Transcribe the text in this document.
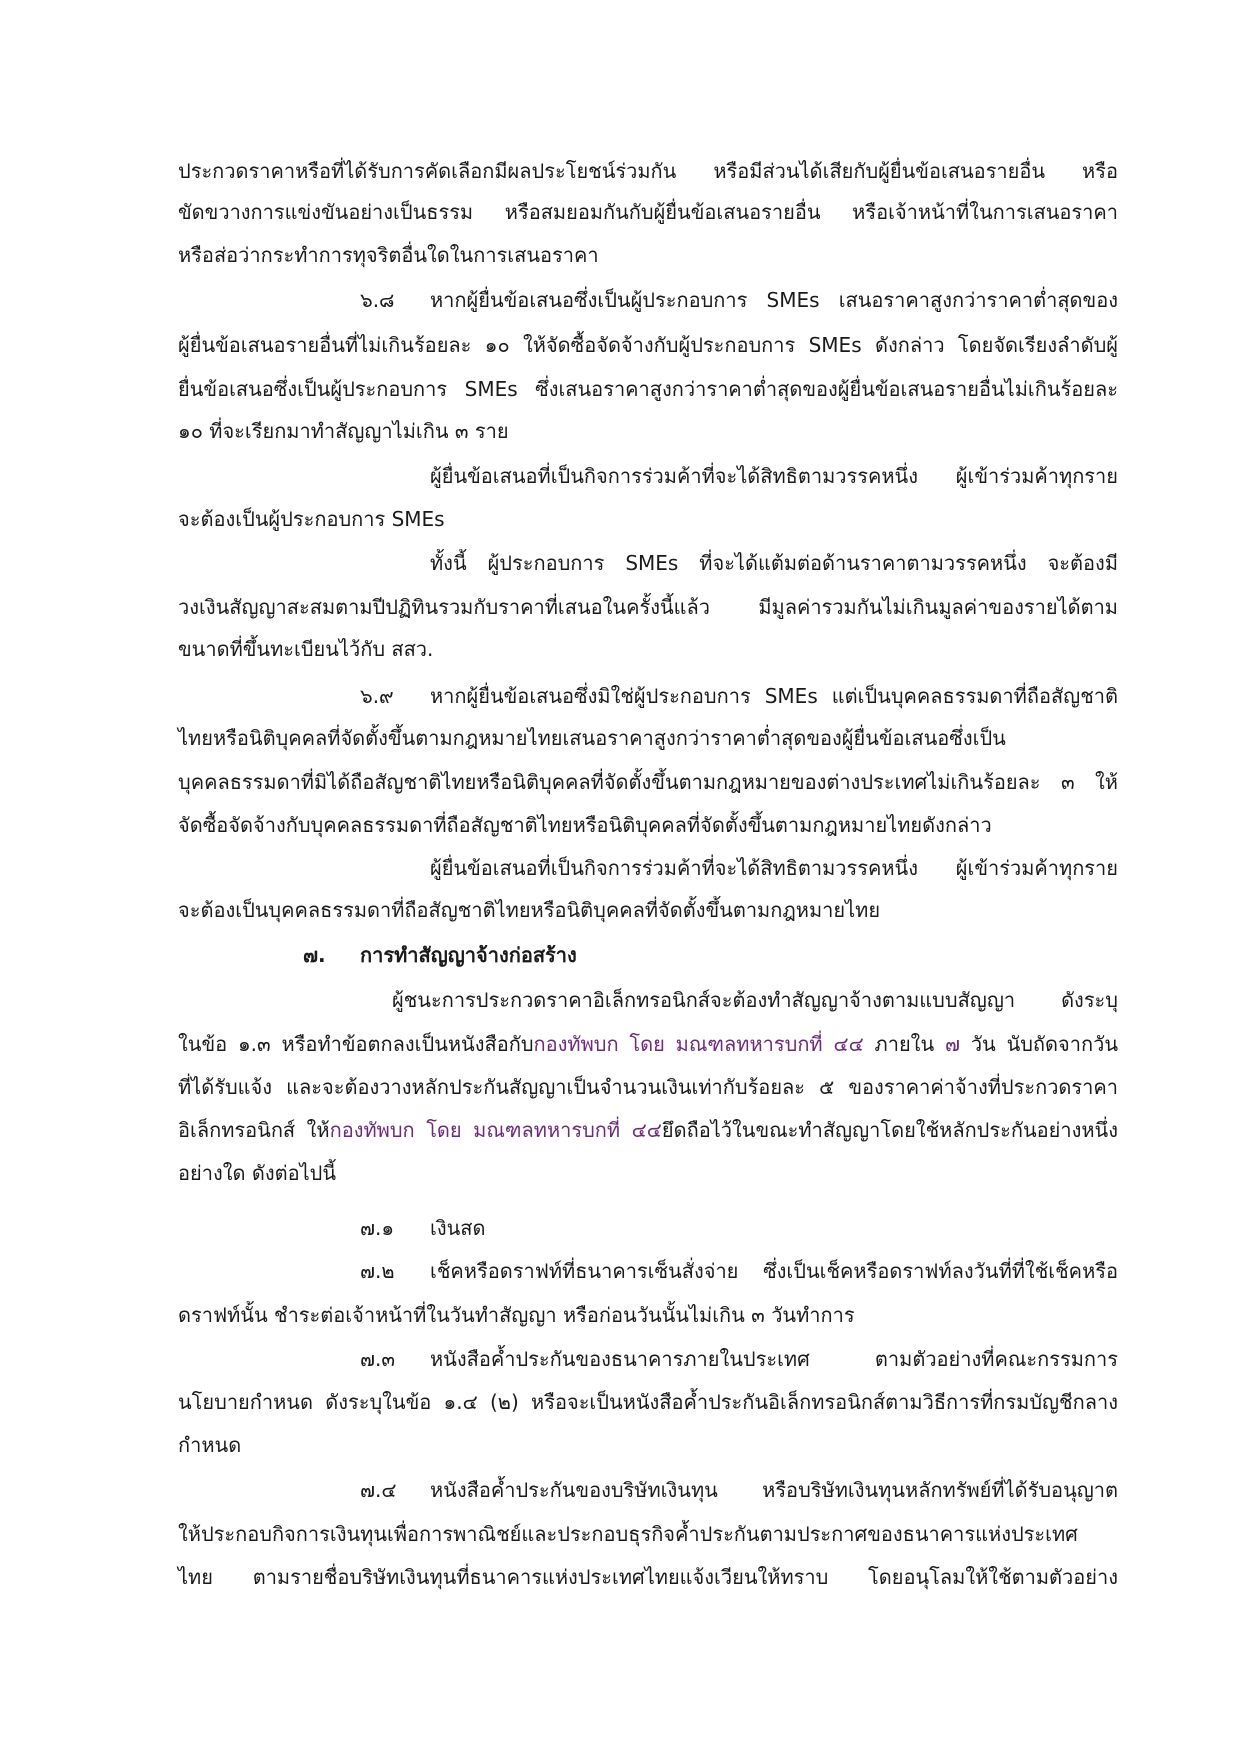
ประกวดราคาหรือที่ได้รับการคัดเลือกมีผลประโยชน์ร่วมกัน หรือมีส่วนได้เสียกับผู้ยื่นข้อเสนอรายอื่น หรือ
ขัดขวางการแข่งขันอย่างเป็นธรรม หรือสมยอมกันกับผู้ยื่นข้อเสนอรายอื่น หรือเจ้าหน้าที่ในการเสนอราคา
หรือส่อว่ากระทำการทุจริตอื่นใดในการเสนอราคา
๖.๘ หากผู้ยื่นข้อเสนอซึ่งเป็นผู้ประกอบการ SMEs เสนอราคาสูงกว่าราคาต่ำสุดของ
ผู้ยื่นข้อเสนอรายอื่นที่ไม่เกินร้อยละ ๑๐ ให้จัดซื้อจัดจ้างกับผู้ประกอบการ SMEs ดังกล่าว โดยจัดเรียงลำดับผู้
ยื่นข้อเสนอซึ่งเป็นผู้ประกอบการ SMEs ซึ่งเสนอราคาสูงกว่าราคาต่ำสุดของผู้ยื่นข้อเสนอรายอื่นไม่เกินร้อยละ
๑๐ ที่จะเรียกมาทำสัญญาไม่เกิน ๓ ราย
ผู้ยื่นข้อเสนอที่เป็นกิจการร่วมค้าที่จะได้สิทธิตามวรรคหนึ่ง ผู้เข้าร่วมค้าทุกราย
จะต้องเป็นผู้ประกอบการ SMEs
ทั้งนี้ ผู้ประกอบการ SMEs ที่จะได้แต้มต่อด้านราคาตามวรรคหนึ่ง จะต้องมี
วงเงินสัญญาสะสมตามปีปฏิทินรวมกับราคาที่เสนอในครั้งนี้แล้ว มีมูลค่ารวมกันไม่เกินมูลค่าของรายได้ตาม
ขนาดที่ขึ้นทะเบียนไว้กับ สสว.
๖.๙ หากผู้ยื่นข้อเสนอซึ่งมิใช่ผู้ประกอบการ SMEs แต่เป็นบุคคลธรรมดาที่ถือสัญชาติ
ไทยหรือนิติบุคคลที่จัดตั้งขึ้นตามกฎหมายไทยเสนอราคาสูงกว่าราคาต่ำสุดของผู้ยื่นข้อเสนอซึ่งเป็น
บุคคลธรรมดาที่มิได้ถือสัญชาติไทยหรือนิติบุคคลที่จัดตั้งขึ้นตามกฎหมายของต่างประเทศไม่เกินร้อยละ ๓ ให้
จัดซื้อจัดจ้างกับบุคคลธรรมดาที่ถือสัญชาติไทยหรือนิติบุคคลที่จัดตั้งขึ้นตามกฎหมายไทยดังกล่าว
ผู้ยื่นข้อเสนอที่เป็นกิจการร่วมค้าที่จะได้สิทธิตามวรรคหนึ่ง ผู้เข้าร่วมค้าทุกราย
จะต้องเป็นบุคคลธรรมดาที่ถือสัญชาติไทยหรือนิติบุคคลที่จัดตั้งขึ้นตามกฎหมายไทย
๗. การทำสัญญาจ้างก่อสร้าง
ผู้ชนะการประกวดราคาอิเล็กทรอนิกส์จะต้องทำสัญญาจ้างตามแบบสัญญา ดังระบุ
ในข้อ ๑.๓ หรือทำข้อตกลงเป็นหนังสือกับกองทัพบก โดย มณฑลทหารบกที่ ๔๔ ภายใน ๗ วัน นับถัดจากวัน
ที่ได้รับแจ้ง และจะต้องวางหลักประกันสัญญาเป็นจำนวนเงินเท่ากับร้อยละ ๕ ของราคาค่าจ้างที่ประกวดราคา
อิเล็กทรอนิกส์ ให้กองทัพบก โดย มณฑลทหารบกที่ ๔๔ยึดถือไว้ในขณะทำสัญญาโดยใช้หลักประกันอย่างหนึ่ง
อย่างใด ดังต่อไปนี้
๗.๑ เงินสด
๗.๒ เช็คหรือดราฟท์ที่ธนาคารเซ็นสั่งจ่าย ซึ่งเป็นเช็คหรือดราฟท์ลงวันที่ที่ใช้เช็คหรือ
ดราฟท์นั้น ชำระต่อเจ้าหน้าที่ในวันทำสัญญา หรือก่อนวันนั้นไม่เกิน ๓ วันทำการ
๗.๓ หนังสือค้ำประกันของธนาคารภายในประเทศ ตามตัวอย่างที่คณะกรรมการ
นโยบายกำหนด ดังระบุในข้อ ๑.๔ (๒) หรือจะเป็นหนังสือค้ำประกันอิเล็กทรอนิกส์ตามวิธีการที่กรมบัญชีกลาง
กำหนด
๗.๔ หนังสือค้ำประกันของบริษัทเงินทุน หรือบริษัทเงินทุนหลักทรัพย์ที่ได้รับอนุญาต
ให้ประกอบกิจการเงินทุนเพื่อการพาณิชย์และประกอบธุรกิจค้ำประกันตามประกาศของธนาคารแห่งประเทศ
ไทย ตามรายชื่อบริษัทเงินทุนที่ธนาคารแห่งประเทศไทยแจ้งเวียนให้ทราบ โดยอนุโลมให้ใช้ตามตัวอย่าง
